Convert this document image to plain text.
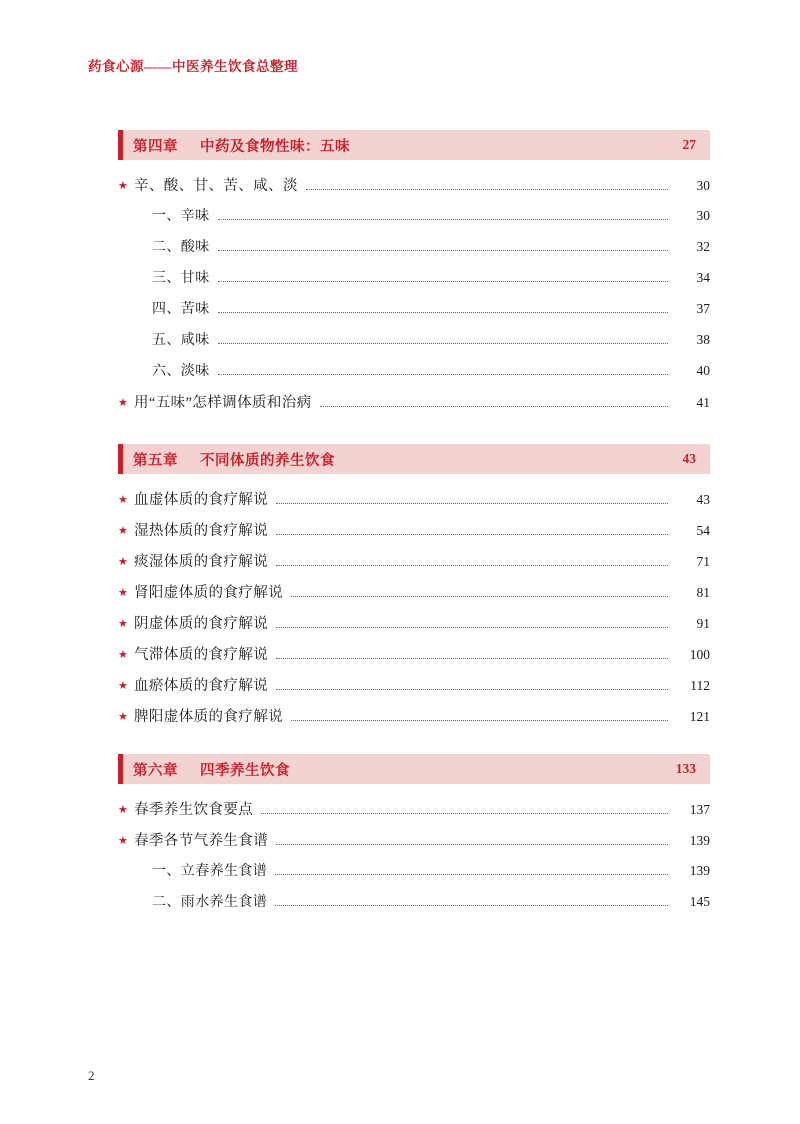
药食心源——中医养生饮食总整理
第四章 中药及食物性味：五味	27
★ 辛、酸、甘、苦、咸、淡	30
一、辛味	30
二、酸味	32
三、甘味	34
四、苦味	37
五、咸味	38
六、淡味	40
★ 用“五味”怎样调体质和治病	41
第五章 不同体质的养生饮食	43
★ 血虚体质的食疗解说	43
★ 湿热体质的食疗解说	54
★ 痰湿体质的食疗解说	71
★ 肾阳虚体质的食疗解说	81
★ 阴虚体质的食疗解说	91
★ 气滞体质的食疗解说	100
★ 血瘀体质的食疗解说	112
★ 脾阳虚体质的食疗解说	121
第六章 四季养生饮食	133
★ 春季养生饮食要点	137
★ 春季各节气养生食谱	139
一、立春养生食谱	139
二、雨水养生食谱	145
2
